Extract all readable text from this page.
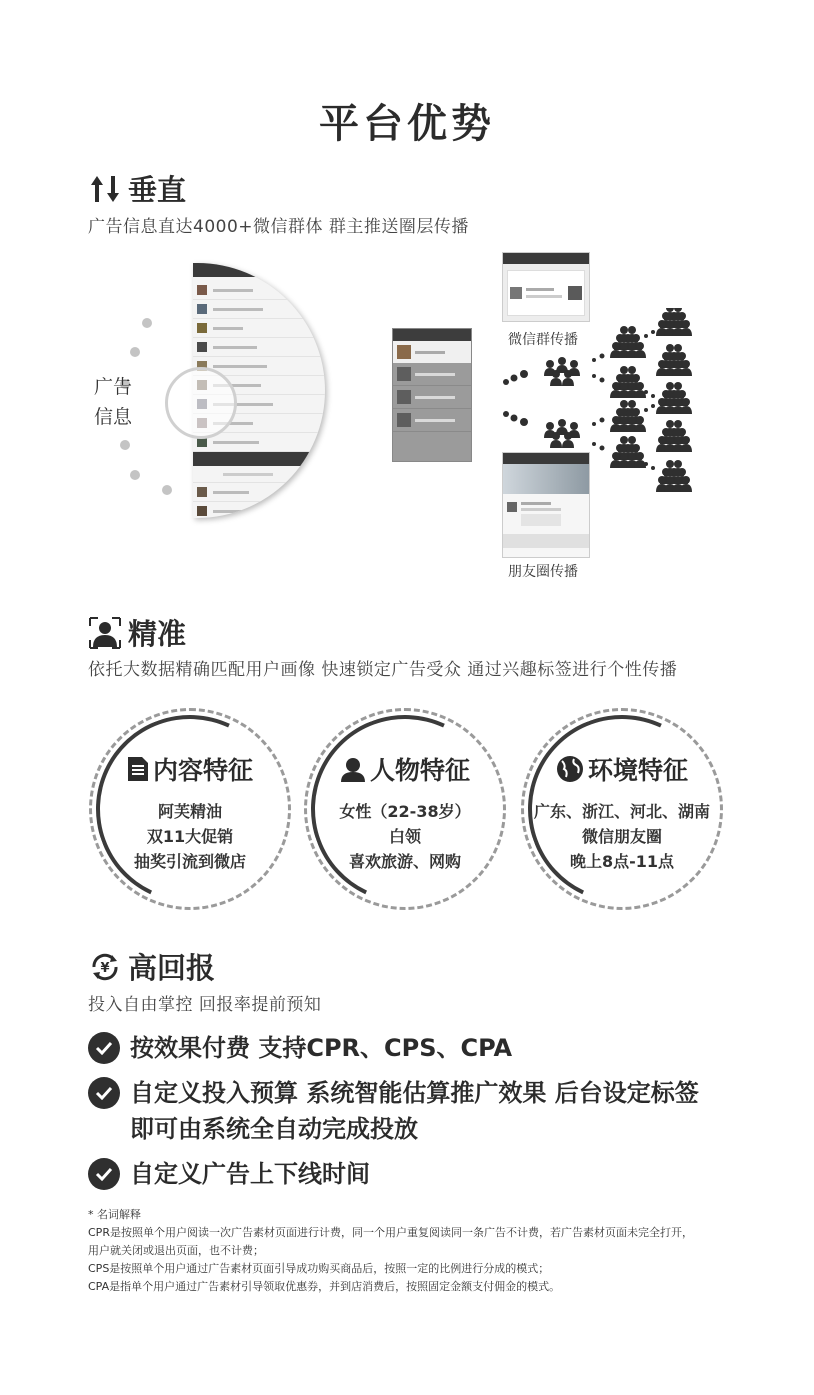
平台优势
垂直
广告信息直达4000+微信群体 群主推送圈层传播
广告
信息
微信群传播
朋友圈传播
精准
依托大数据精确匹配用户画像 快速锁定广告受众 通过兴趣标签进行个性传播
内容特征
阿芙精油
双11大促销
抽奖引流到微店
人物特征
女性（22-38岁）
白领
喜欢旅游、网购
环境特征
广东、浙江、河北、湖南
微信朋友圈
晚上8点-11点
¥ 高回报
投入自由掌控 回报率提前预知
按效果付费 支持CPR、CPS、CPA
自定义投入预算 系统智能估算推广效果 后台设定标签
即可由系统全自动完成投放
自定义广告上下线时间
* 名词解释
CPR是按照单个用户阅读一次广告素材页面进行计费，同一个用户重复阅读同一条广告不计费，若广告素材页面未完全打开，
用户就关闭或退出页面，也不计费；
CPS是按照单个用户通过广告素材页面引导成功购买商品后，按照一定的比例进行分成的模式；
CPA是指单个用户通过广告素材引导领取优惠券，并到店消费后，按照固定金额支付佣金的模式。
